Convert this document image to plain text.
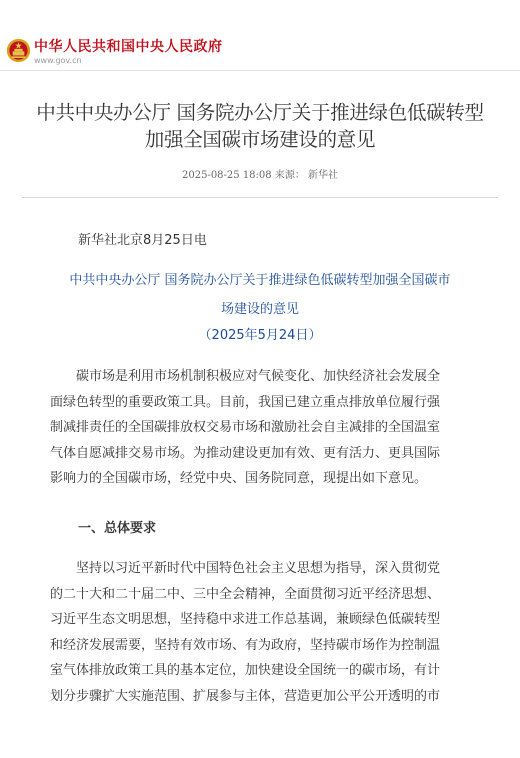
中华人民共和国中央人民政府
www.gov.cn
中共中央办公厅 国务院办公厅关于推进绿色低碳转型
加强全国碳市场建设的意见
2025-08-25 18:08 来源： 新华社
新华社北京8月25日电
中共中央办公厅 国务院办公厅关于推进绿色低碳转型加强全国碳市
场建设的意见
（2025年5月24日）
　　碳市场是利用市场机制积极应对气候变化、加快经济社会发展全
面绿色转型的重要政策工具。目前，我国已建立重点排放单位履行强
制减排责任的全国碳排放权交易市场和激励社会自主减排的全国温室
气体自愿减排交易市场。为推动建设更加有效、更有活力、更具国际
影响力的全国碳市场，经党中央、国务院同意，现提出如下意见。
一、总体要求
　　坚持以习近平新时代中国特色社会主义思想为指导，深入贯彻党
的二十大和二十届二中、三中全会精神，全面贯彻习近平经济思想、
习近平生态文明思想，坚持稳中求进工作总基调，兼顾绿色低碳转型
和经济发展需要，坚持有效市场、有为政府，坚持碳市场作为控制温
室气体排放政策工具的基本定位，加快建设全国统一的碳市场，有计
划分步骤扩大实施范围、扩展参与主体，营造更加公平公开透明的市
